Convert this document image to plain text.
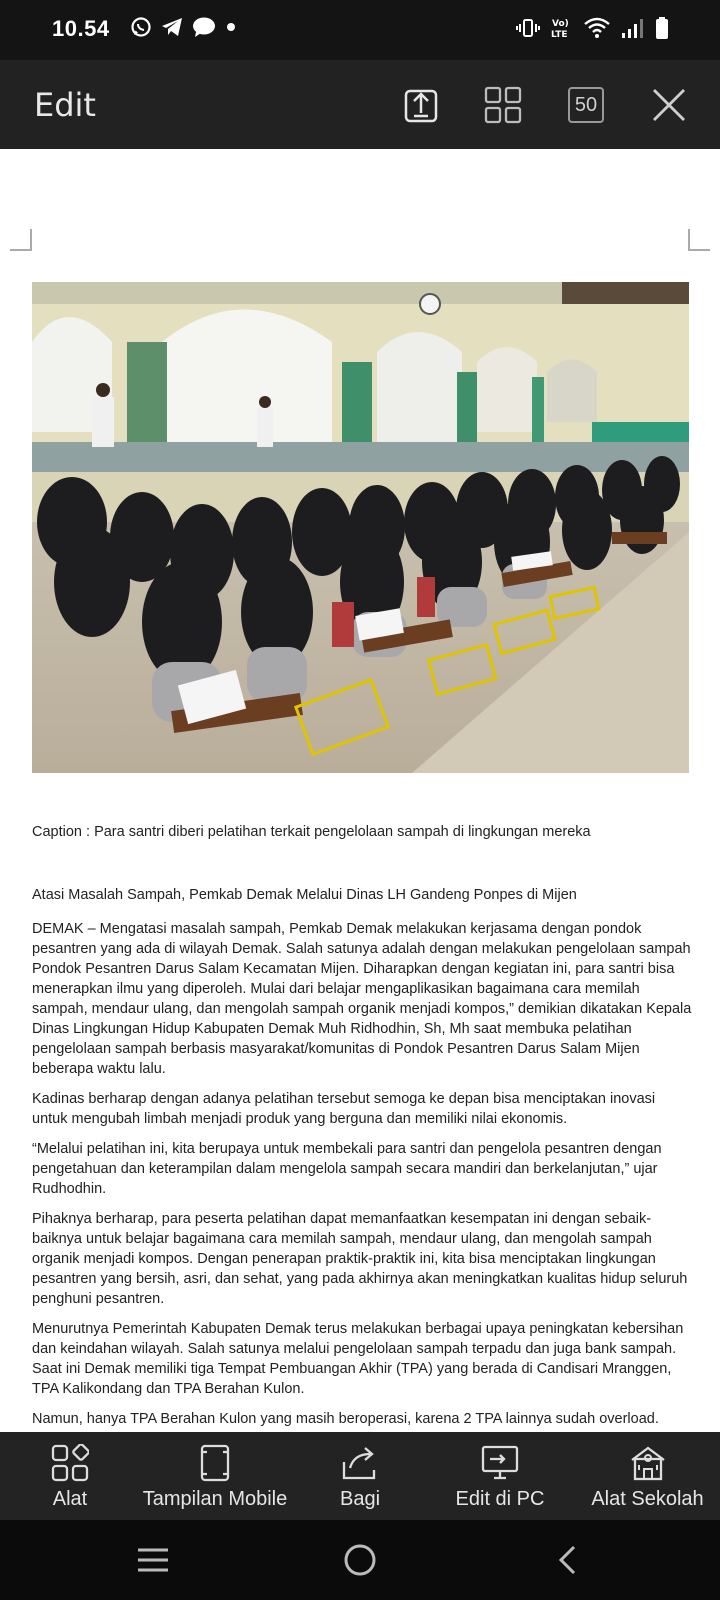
10.54	Vo)
LTE
Edit	50
Caption : Para santri diberi pelatihan terkait pengelolaan sampah di lingkungan mereka
Atasi Masalah Sampah, Pemkab Demak Melalui Dinas LH Gandeng Ponpes di Mijen

DEMAK – Mengatasi masalah sampah, Pemkab Demak melakukan kerjasama dengan pondok pesantren yang ada di wilayah Demak. Salah satunya adalah dengan melakukan pengelolaan sampah Pondok Pesantren Darus Salam Kecamatan Mijen. Diharapkan dengan kegiatan ini, para santri bisa menerapkan ilmu yang diperoleh. Mulai dari belajar mengaplikasikan bagaimana cara memilah sampah, mendaur ulang, dan mengolah sampah organik menjadi kompos,” demikian dikatakan Kepala Dinas Lingkungan Hidup Kabupaten Demak Muh Ridhodhin, Sh, Mh saat membuka pelatihan pengelolaan sampah berbasis masyarakat/komunitas di Pondok Pesantren Darus Salam Mijen beberapa waktu lalu.

Kadinas berharap dengan adanya pelatihan tersebut semoga ke depan bisa menciptakan inovasi untuk mengubah limbah menjadi produk yang berguna dan memiliki nilai ekonomis.

“Melalui pelatihan ini, kita berupaya untuk membekali para santri dan pengelola pesantren dengan pengetahuan dan keterampilan dalam mengelola sampah secara mandiri dan berkelanjutan,” ujar Rudhodhin.

Pihaknya berharap, para peserta pelatihan dapat memanfaatkan kesempatan ini dengan sebaik-baiknya untuk belajar bagaimana cara memilah sampah, mendaur ulang, dan mengolah sampah organik menjadi kompos. Dengan penerapan praktik-praktik ini, kita bisa menciptakan lingkungan pesantren yang bersih, asri, dan sehat, yang pada akhirnya akan meningkatkan kualitas hidup seluruh penghuni pesantren.

Menurutnya Pemerintah Kabupaten Demak terus melakukan berbagai upaya peningkatan kebersihan dan keindahan wilayah. Salah satunya melalui pengelolaan sampah terpadu dan juga bank sampah. Saat ini Demak memiliki tiga Tempat Pembuangan Akhir (TPA) yang berada di Candisari Mranggen, TPA Kalikondang dan TPA Berahan Kulon.

Namun, hanya TPA Berahan Kulon yang masih beroperasi, karena 2 TPA lainnya sudah overload.

Alat	Tampilan Mobile	Bagi	Edit di PC Alat Sekolah
